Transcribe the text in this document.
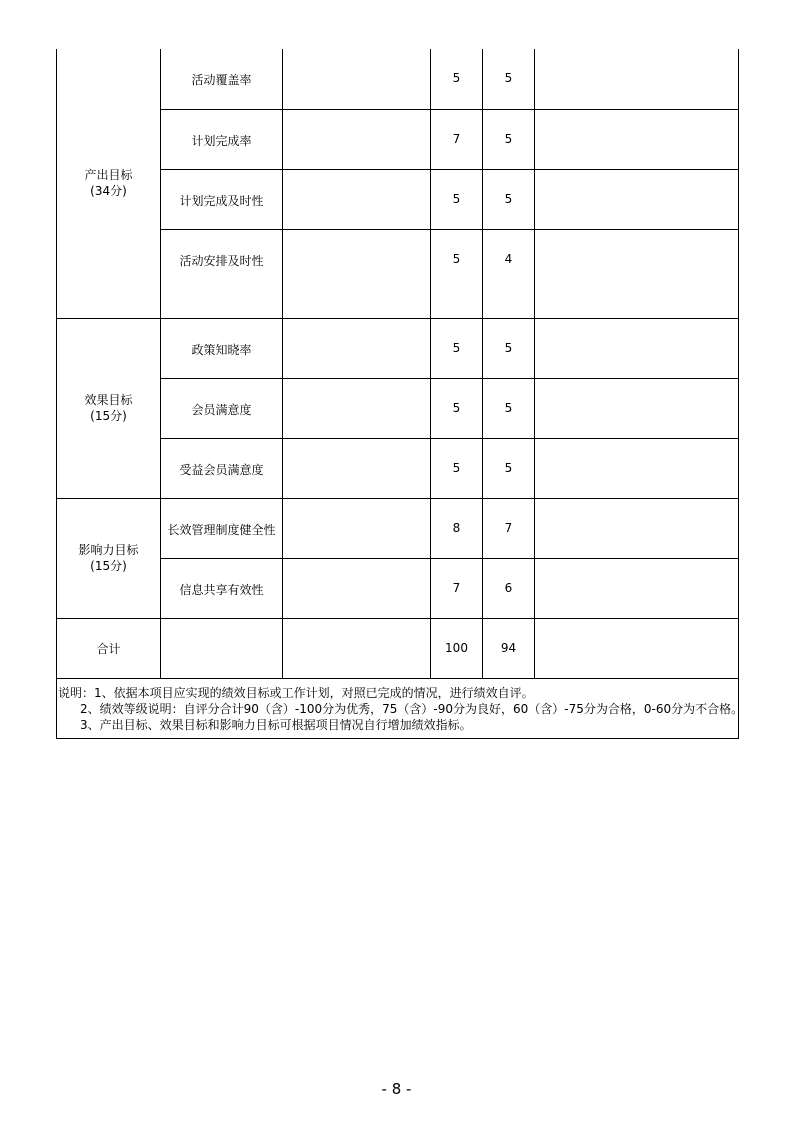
产出目标
(34分)	活动覆盖率		5	5	

	计划完成率		7	5	

	计划完成及时性		5	5	

	活动安排及时性		5	4	

效果目标
(15分)	政策知晓率		5	5	

	会员满意度		5	5	

	受益会员满意度		5	5	

影响力目标
(15分)	长效管理制度健全性		8	7	

	信息共享有效性		7	6	

合计			100	94	

说明：1、依据本项目应实现的绩效目标或工作计划，对照已完成的情况，进行绩效自评。
2、绩效等级说明：自评分合计90（含）-100分为优秀，75（含）-90分为良好，60（含）-75分为合格，0-60分为不合格。
3、产出目标、效果目标和影响力目标可根据项目情况自行增加绩效指标。					
- 8 -
